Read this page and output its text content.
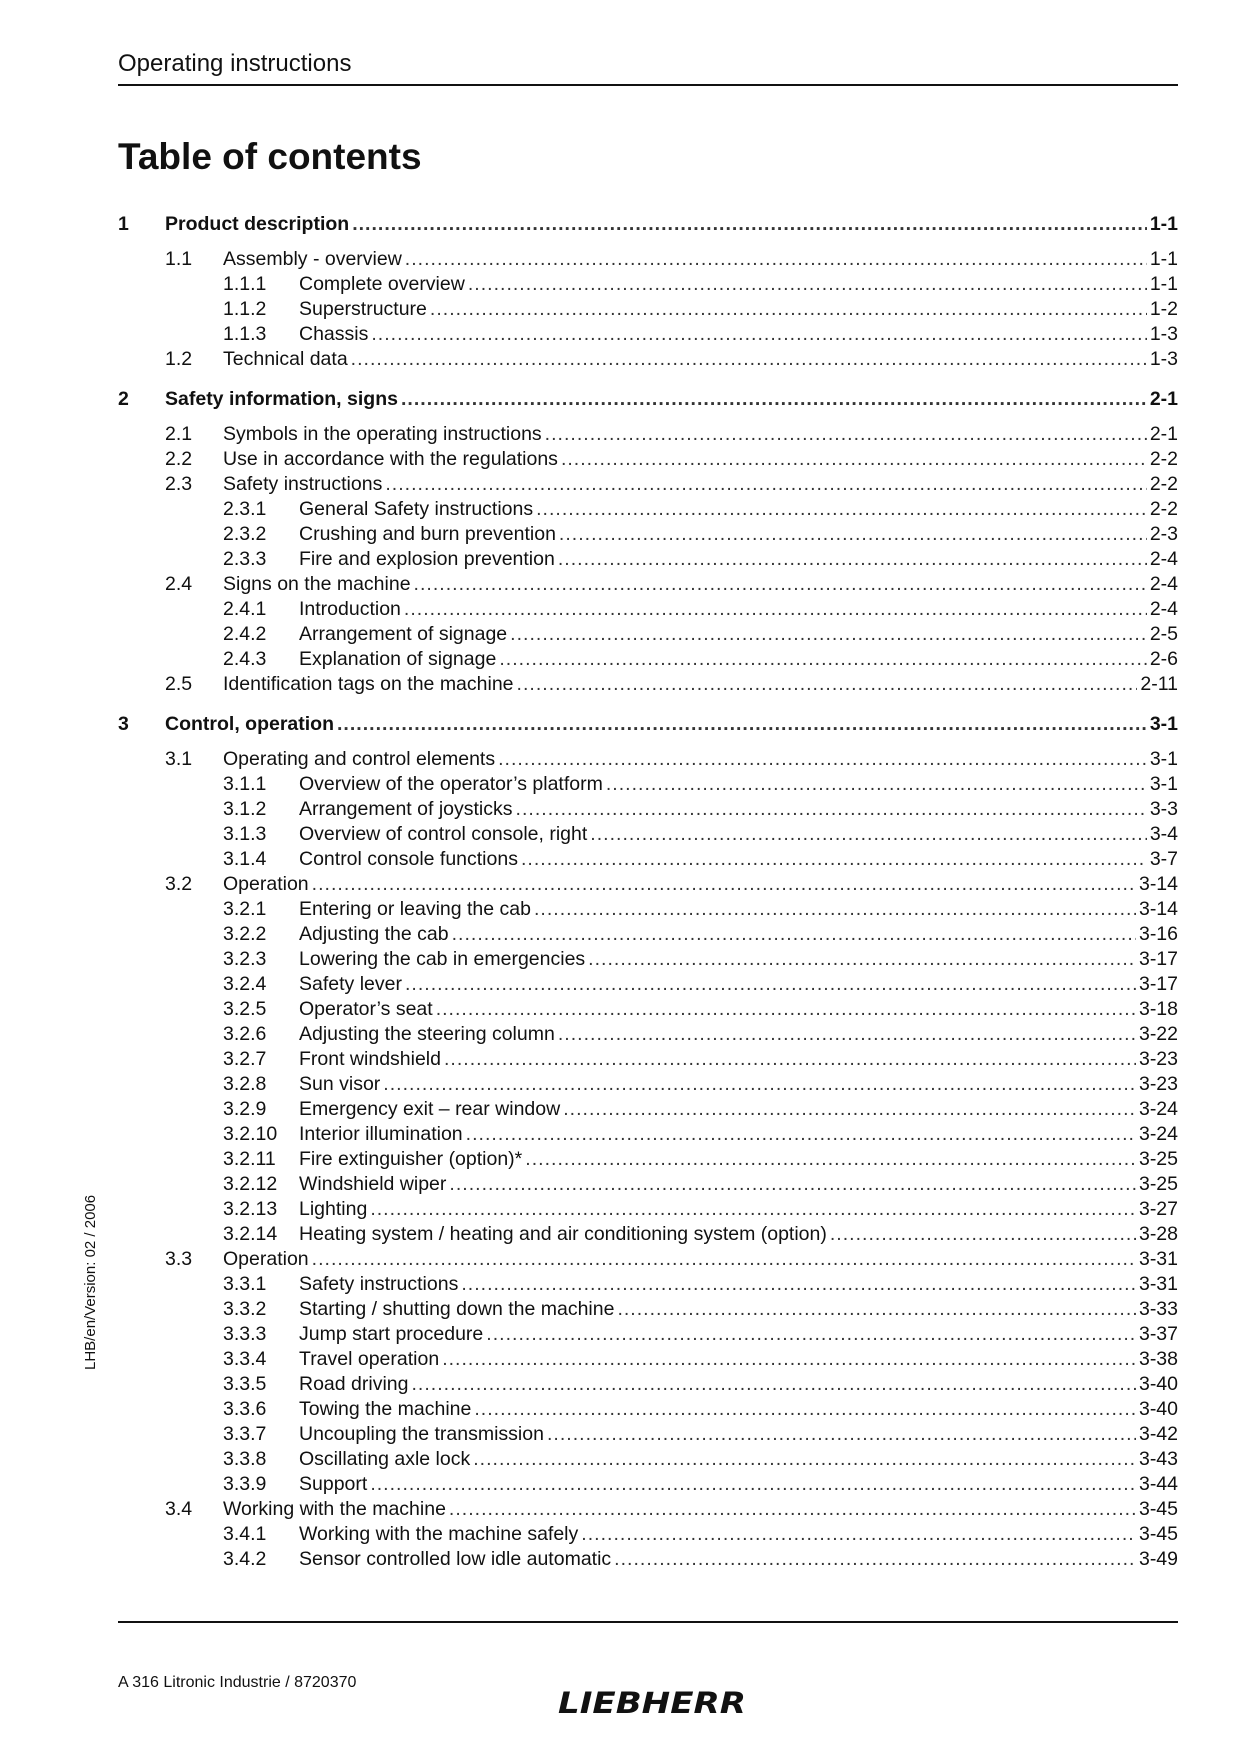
Operating instructions
Table of contents
1	Product description . . .	1-1
1.1	Assembly - overview . . .	1-1
1.1.1	Complete overview . . .	1-1
1.1.2	Superstructure . . .	1-2
1.1.3	Chassis . . .	1-3
1.2	Technical data . . .	1-3
2	Safety information, signs . . .	2-1
2.1	Symbols in the operating instructions . . .	2-1
2.2	Use in accordance with the regulations . . .	2-2
2.3	Safety instructions . . .	2-2
2.3.1	General Safety instructions . . .	2-2
2.3.2	Crushing and burn prevention . . .	2-3
2.3.3	Fire and explosion prevention . . .	2-4
2.4	Signs on the machine . . .	2-4
2.4.1	Introduction . . .	2-4
2.4.2	Arrangement of signage . . .	2-5
2.4.3	Explanation of signage . . .	2-6
2.5	Identification tags on the machine . . .	2-11
3	Control, operation . . .	3-1
3.1	Operating and control elements . . .	3-1
3.1.1	Overview of the operator’s platform . . .	3-1
3.1.2	Arrangement of joysticks . . .	3-3
3.1.3	Overview of control console, right . . .	3-4
3.1.4	Control console functions . . .	3-7
3.2	Operation . . .	3-14
3.2.1	Entering or leaving the cab . . .	3-14
3.2.2	Adjusting the cab . . .	3-16
3.2.3	Lowering the cab in emergencies . . .	3-17
3.2.4	Safety lever . . .	3-17
3.2.5	Operator’s seat . . .	3-18
3.2.6	Adjusting the steering column . . .	3-22
3.2.7	Front windshield . . .	3-23
3.2.8	Sun visor . . .	3-23
3.2.9	Emergency exit – rear window . . .	3-24
3.2.10	Interior illumination . . .	3-24
3.2.11	Fire extinguisher (option)* . . .	3-25
3.2.12	Windshield wiper . . .	3-25
3.2.13	Lighting . . .	3-27
3.2.14	Heating system / heating and air conditioning system (option) . . .	3-28
3.3	Operation . . .	3-31
3.3.1	Safety instructions . . .	3-31
3.3.2	Starting / shutting down the machine . . .	3-33
3.3.3	Jump start procedure . . .	3-37
3.3.4	Travel operation . . .	3-38
3.3.5	Road driving . . .	3-40
3.3.6	Towing the machine . . .	3-40
3.3.7	Uncoupling the transmission . . .	3-42
3.3.8	Oscillating axle lock . . .	3-43
3.3.9	Support . . .	3-44
3.4	Working with the machine . . .	3-45
3.4.1	Working with the machine safely . . .	3-45
3.4.2	Sensor controlled low idle automatic . . .	3-49
LHB/en/Version: 02 / 2006
A 316 Litronic Industrie / 8720370
LIEBHERR
